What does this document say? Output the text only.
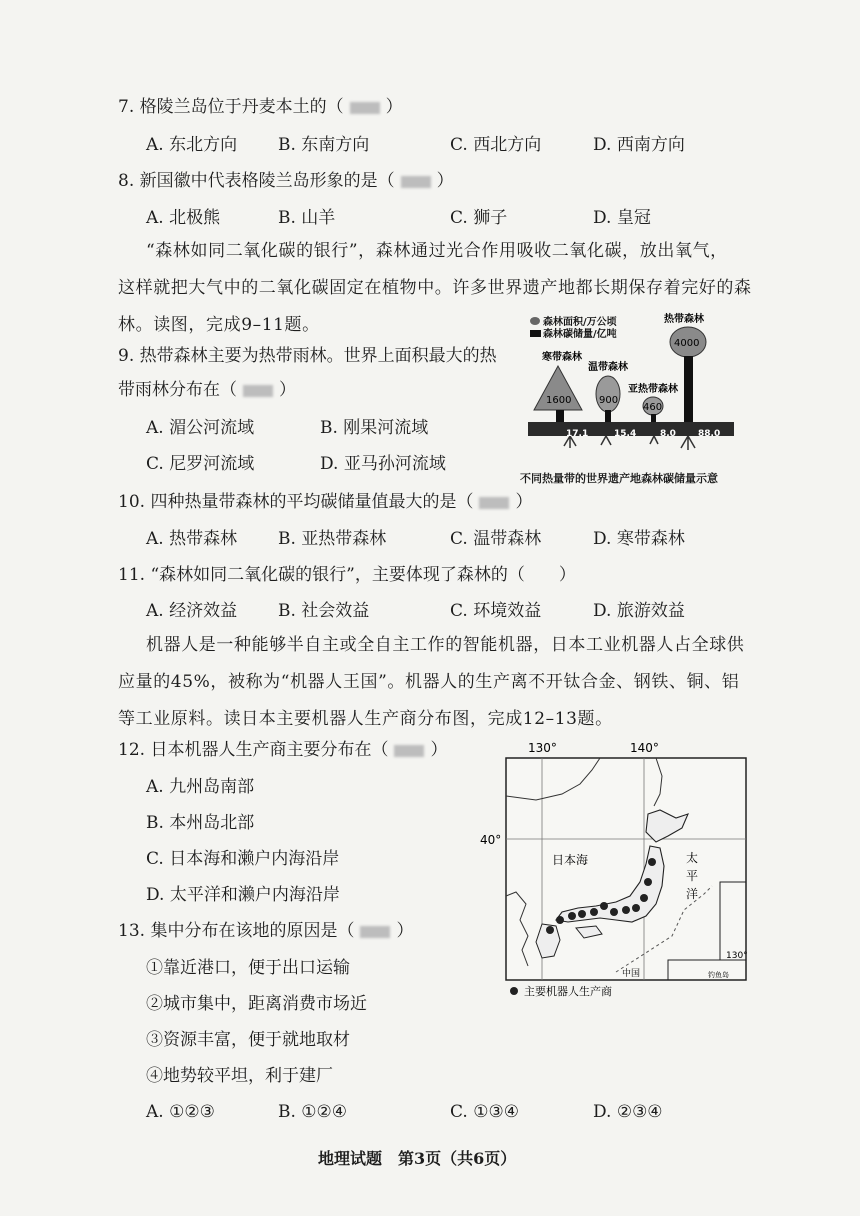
7. 格陵兰岛位于丹麦本土的（ ）
A. 东北方向 B. 东南方向	C. 西北方向	D. 西南方向
8. 新国徽中代表格陵兰岛形象的是（ ）
A. 北极熊	B. 山羊	C. 狮子	D. 皇冠
“森林如同二氧化碳的银行”，森林通过光合作用吸收二氧化碳，放出氧气，
这样就把大气中的二氧化碳固定在植物中。许多世界遗产地都长期保存着完好的森
林。读图，完成9–11题。
9. 热带森林主要为热带雨林。世界上面积最大的热
带雨林分布在（ ）
A. 湄公河流域	B. 刚果河流域
C. 尼罗河流域	D. 亚马孙河流域
森林面积/万公顷
森林碳储量/亿吨
寒带森林
1600
17.1
温带森林
900
15.4
亚热带森林
460
8.0
热带森林
4000
88.0
不同热量带的世界遗产地森林碳储量示意
10. 四种热量带森林的平均碳储量值最大的是（ ）
A. 热带森林 B. 亚热带森林	C. 温带森林	D. 寒带森林
11. “森林如同二氧化碳的银行”，主要体现了森林的（　　）
A. 经济效益 B. 社会效益	C. 环境效益	D. 旅游效益
机器人是一种能够半自主或全自主工作的智能机器，日本工业机器人占全球供
应量的45%，被称为“机器人王国”。机器人的生产离不开钛合金、钢铁、铜、铝
等工业原料。读日本主要机器人生产商分布图，完成12–13题。
12. 日本机器人生产商主要分布在（ ）
A. 九州岛南部
B. 本州岛北部
C. 日本海和濑户内海沿岸
D. 太平洋和濑户内海沿岸
13. 集中分布在该地的原因是（ ）
①靠近港口，便于出口运输
②城市集中，距离消费市场近
③资源丰富，便于就地取材
④地势较平坦，利于建厂
A. ①②③	B. ①②④	C. ①③④	D. ②③④
130°	140°
40°
日本海	太
平
洋
130°
中国	钓鱼岛
主要机器人生产商
地理试题　第3页（共6页）
